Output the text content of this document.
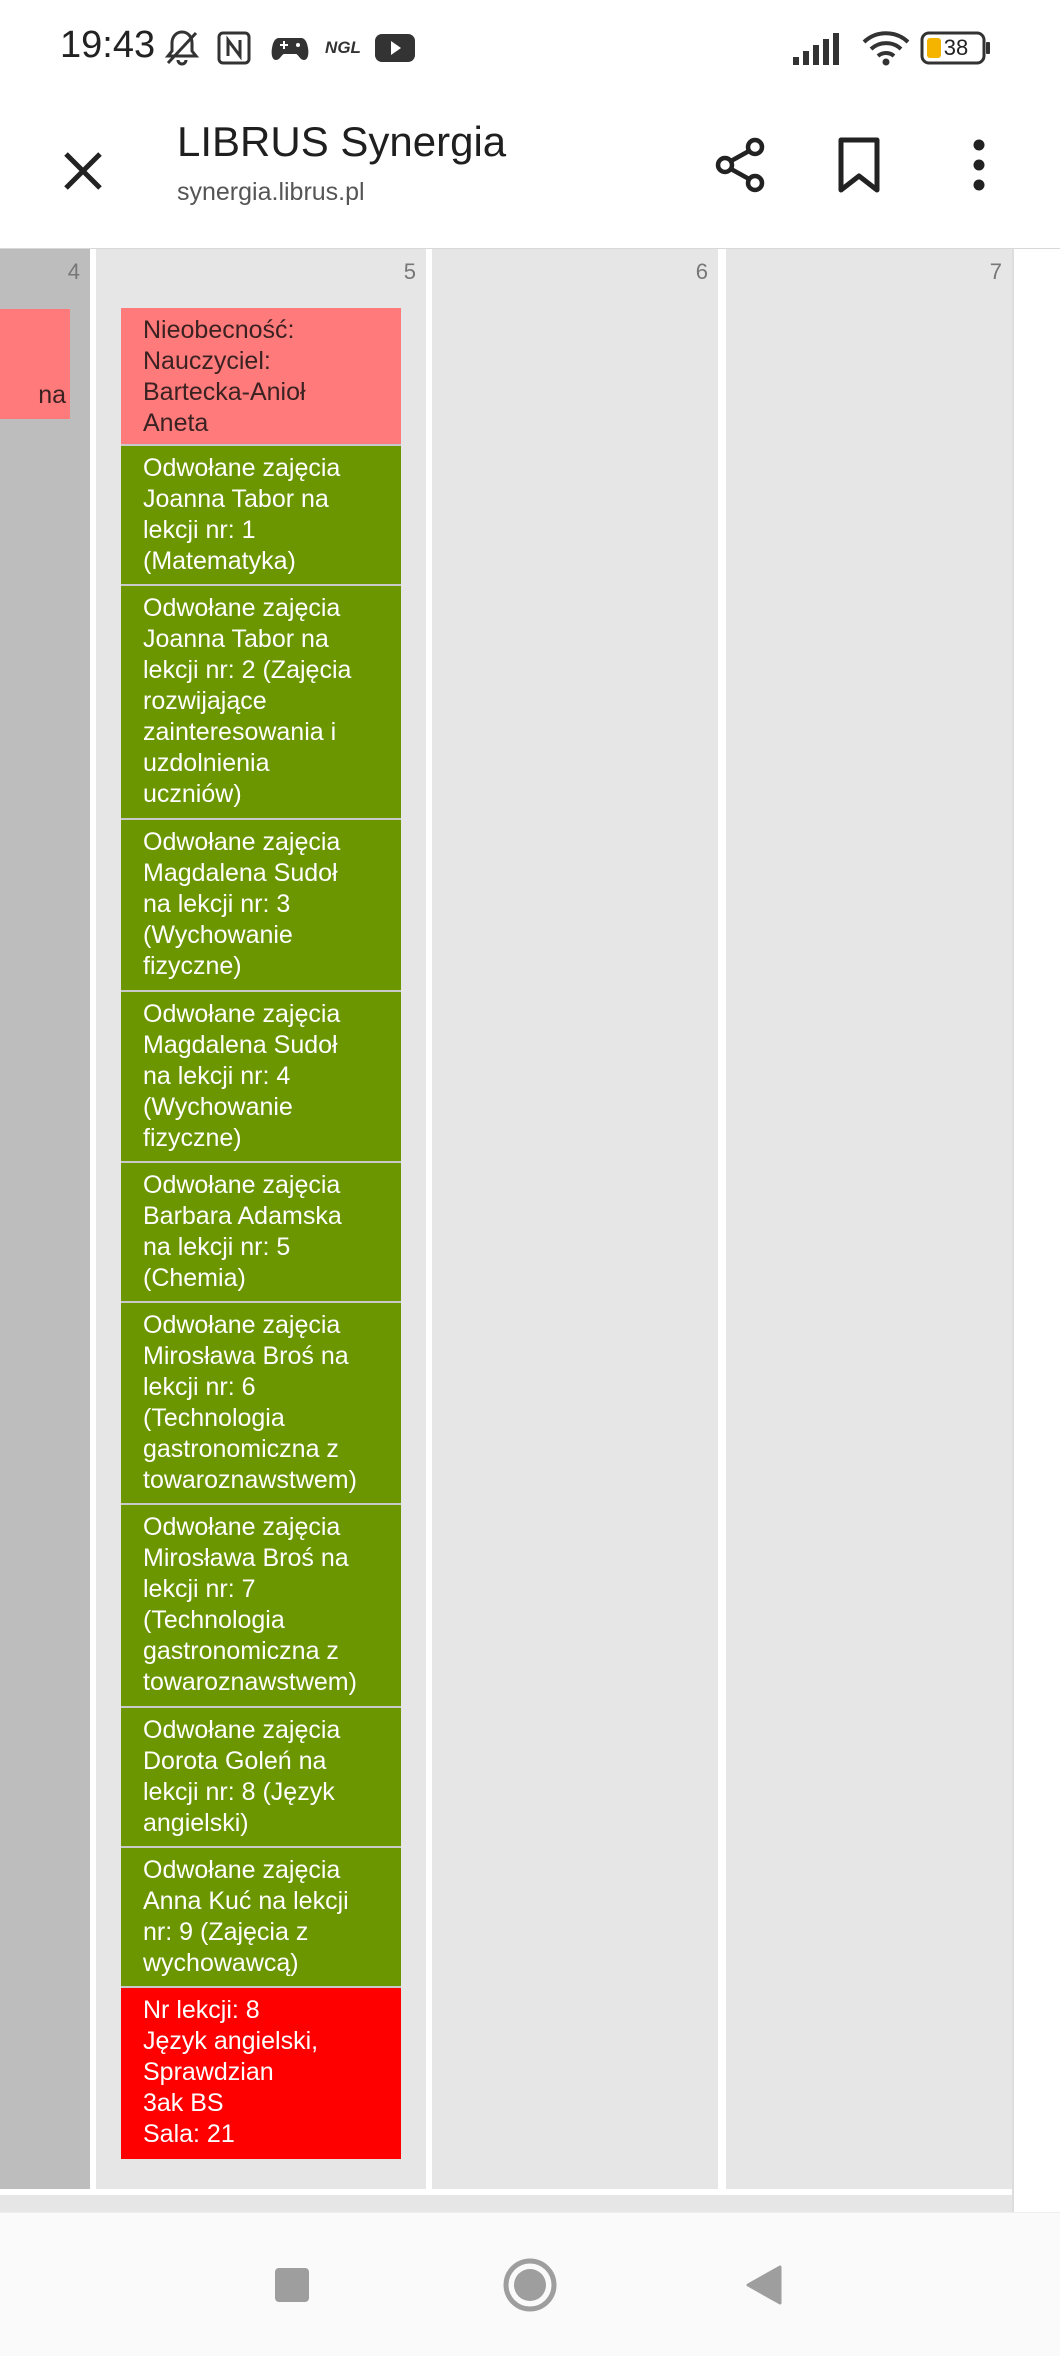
19:43	NGL	38
LIBRUS Synergia
synergia.librus.pl
4
na
5
Nieobecność:
Nauczyciel:
Bartecka-Anioł
Aneta
Odwołane zajęcia
Joanna Tabor na
lekcji nr: 1
(Matematyka)
Odwołane zajęcia
Joanna Tabor na
lekcji nr: 2 (Zajęcia
rozwijające
zainteresowania i
uzdolnienia
uczniów)
Odwołane zajęcia
Magdalena Sudoł
na lekcji nr: 3
(Wychowanie
fizyczne)
Odwołane zajęcia
Magdalena Sudoł
na lekcji nr: 4
(Wychowanie
fizyczne)
Odwołane zajęcia
Barbara Adamska
na lekcji nr: 5
(Chemia)
Odwołane zajęcia
Mirosława Broś na
lekcji nr: 6
(Technologia
gastronomiczna z
towaroznawstwem)
Odwołane zajęcia
Mirosława Broś na
lekcji nr: 7
(Technologia
gastronomiczna z
towaroznawstwem)
Odwołane zajęcia
Dorota Goleń na
lekcji nr: 8 (Język
angielski)
Odwołane zajęcia
Anna Kuć na lekcji
nr: 9 (Zajęcia z
wychowawcą)
Nr lekcji: 8
Język angielski,
Sprawdzian
3ak BS
Sala: 21
6	7
